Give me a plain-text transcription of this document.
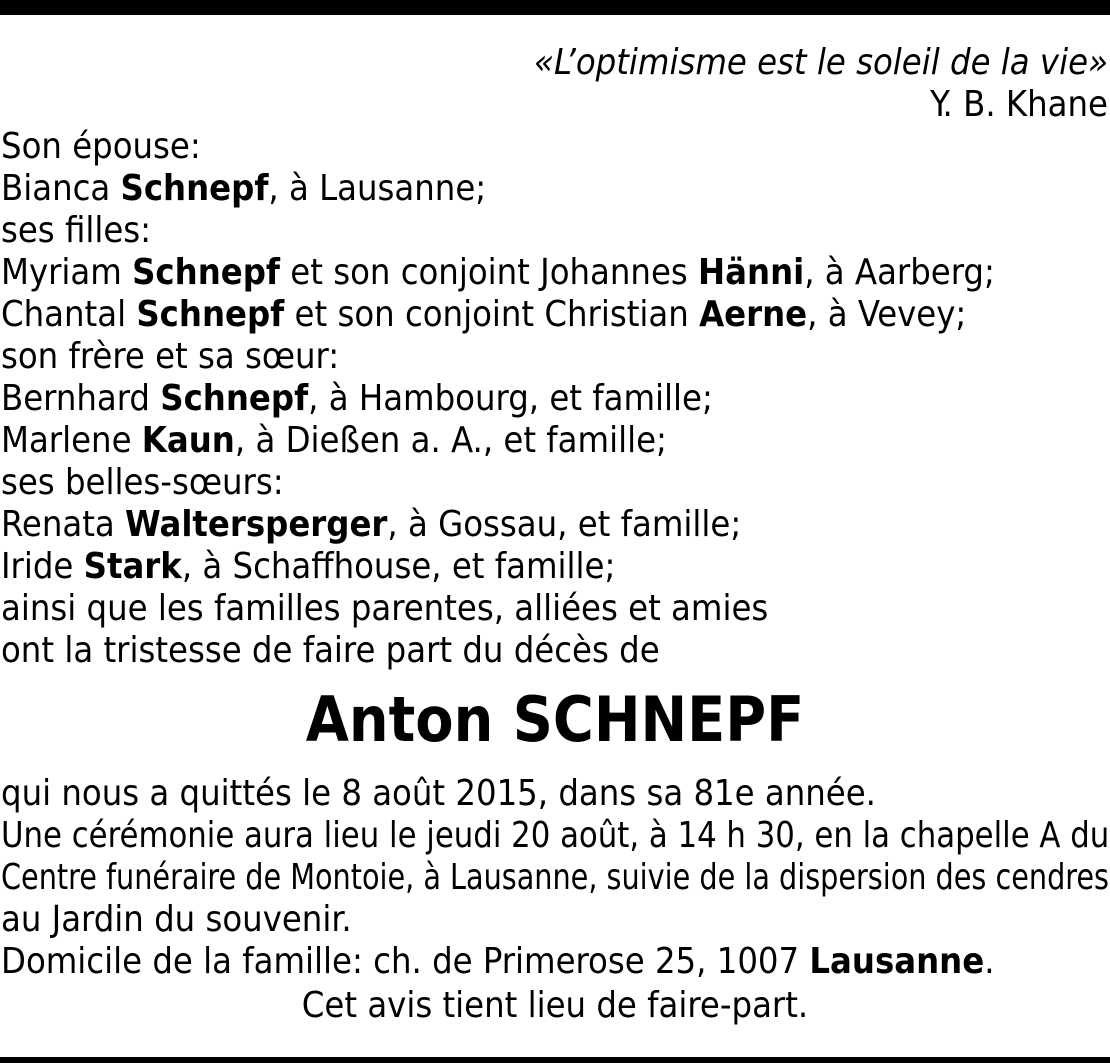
«L’optimisme est le soleil de la vie»
Y. B. Khane
Son épouse:
Bianca Schnepf, à Lausanne;
ses filles:
Myriam Schnepf et son conjoint Johannes Hänni, à Aarberg;
Chantal Schnepf et son conjoint Christian Aerne, à Vevey;
son frère et sa sœur:
Bernhard Schnepf, à Hambourg, et famille;
Marlene Kaun, à Dießen a. A., et famille;
ses belles-sœurs:
Renata Waltersperger, à Gossau, et famille;
Iride Stark, à Schaffhouse, et famille;
ainsi que les familles parentes, alliées et amies
ont la tristesse de faire part du décès de
Anton SCHNEPF
qui nous a quittés le 8 août 2015, dans sa 81e année.
Une cérémonie aura lieu le jeudi 20 août, à 14 h 30, en la chapelle A du
Centre funéraire de Montoie, à Lausanne, suivie de la dispersion des cendres
au Jardin du souvenir.
Domicile de la famille: ch. de Primerose 25, 1007 Lausanne.
Cet avis tient lieu de faire-part.
